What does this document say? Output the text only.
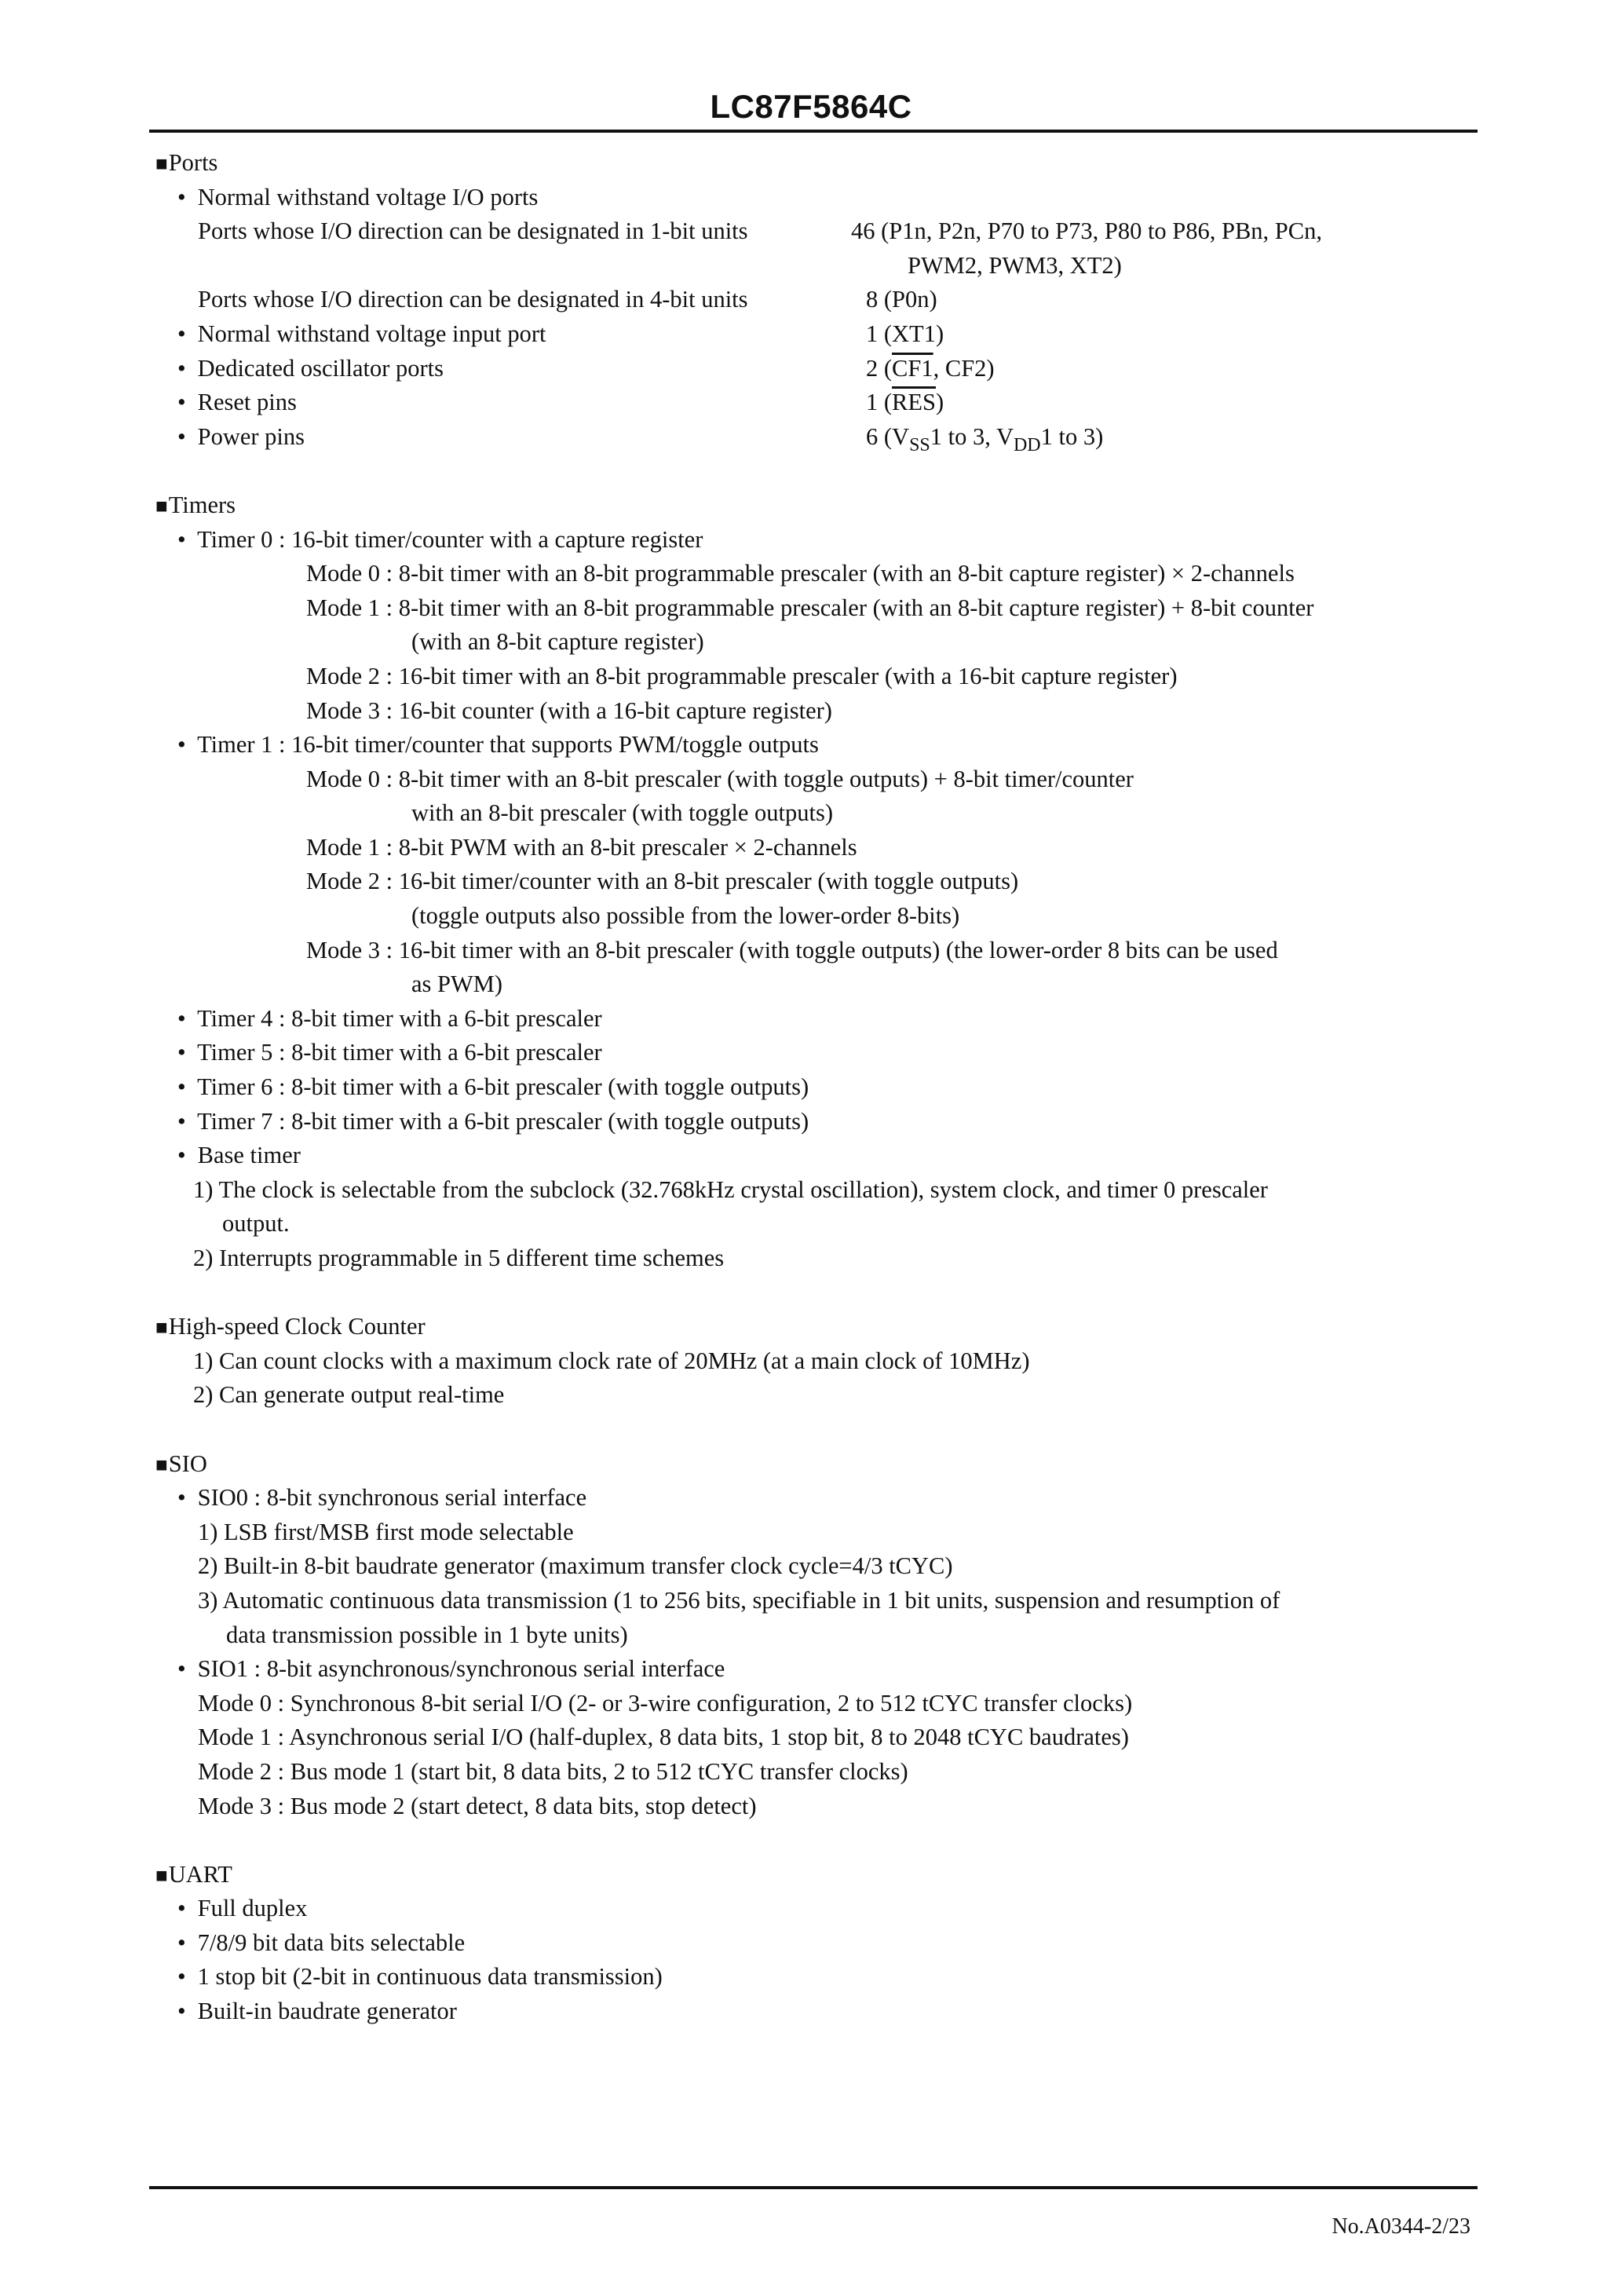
LC87F5864C
■Ports
• Normal withstand voltage I/O ports
Ports whose I/O direction can be designated in 1-bit units	46 (P1n, P2n, P70 to P73, P80 to P86, PBn, PCn,
PWM2, PWM3, XT2)
Ports whose I/O direction can be designated in 4-bit units	8 (P0n)
• Normal withstand voltage input port	1 (XT1)
• Dedicated oscillator ports	2 (CF1, CF2)
• Reset pins	1 $(\overline{RES})$
• Power pins	6 ($V_{SS}1$ to 3, $V_{DD}1$ to 3)
■Timers
• Timer 0 : 16-bit timer/counter with a capture register
Mode 0 : 8-bit timer with an 8-bit programmable prescaler (with an 8-bit capture register) × 2-channels
Mode 1 : 8-bit timer with an 8-bit programmable prescaler (with an 8-bit capture register) + 8-bit counter
(with an 8-bit capture register)
Mode 2 : 16-bit timer with an 8-bit programmable prescaler (with a 16-bit capture register)
Mode 3 : 16-bit counter (with a 16-bit capture register)
• Timer 1 : 16-bit timer/counter that supports PWM/toggle outputs
Mode 0 : 8-bit timer with an 8-bit prescaler (with toggle outputs) + 8-bit timer/counter
with an 8-bit prescaler (with toggle outputs)
Mode 1 : 8-bit PWM with an 8-bit prescaler × 2-channels
Mode 2 : 16-bit timer/counter with an 8-bit prescaler (with toggle outputs)
(toggle outputs also possible from the lower-order 8-bits)
Mode 3 : 16-bit timer with an 8-bit prescaler (with toggle outputs) (the lower-order 8 bits can be used
as PWM)
• Timer 4 : 8-bit timer with a 6-bit prescaler
• Timer 5 : 8-bit timer with a 6-bit prescaler
• Timer 6 : 8-bit timer with a 6-bit prescaler (with toggle outputs)
• Timer 7 : 8-bit timer with a 6-bit prescaler (with toggle outputs)
• Base timer
1) The clock is selectable from the subclock (32.768kHz crystal oscillation), system clock, and timer 0 prescaler
output.
2) Interrupts programmable in 5 different time schemes
■High-speed Clock Counter
1) Can count clocks with a maximum clock rate of 20MHz (at a main clock of 10MHz)
2) Can generate output real-time
■SIO
• SIO0 : 8-bit synchronous serial interface
1) LSB first/MSB first mode selectable
2) Built-in 8-bit baudrate generator (maximum transfer clock cycle=4/3 tCYC)
3) Automatic continuous data transmission (1 to 256 bits, specifiable in 1 bit units, suspension and resumption of
data transmission possible in 1 byte units)
• SIO1 : 8-bit asynchronous/synchronous serial interface
Mode 0 : Synchronous 8-bit serial I/O (2- or 3-wire configuration, 2 to 512 tCYC transfer clocks)
Mode 1 : Asynchronous serial I/O (half-duplex, 8 data bits, 1 stop bit, 8 to 2048 tCYC baudrates)
Mode 2 : Bus mode 1 (start bit, 8 data bits, 2 to 512 tCYC transfer clocks)
Mode 3 : Bus mode 2 (start detect, 8 data bits, stop detect)
■UART
• Full duplex
• 7/8/9 bit data bits selectable
• 1 stop bit (2-bit in continuous data transmission)
• Built-in baudrate generator
No.A0344-2/23
